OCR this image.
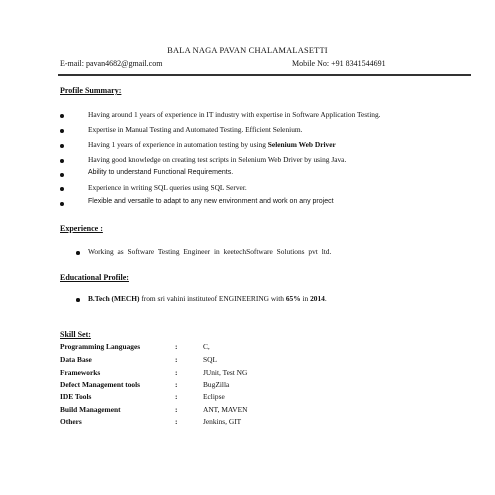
BALA NAGA PAVAN CHALAMALASETTI
E-mail: pavan4682@gmail.com	Mobile No: +91 8341544691
Profile Summary:
Having around 1 years of experience in IT industry with expertise in Software Application Testing.
Expertise in Manual Testing and Automated Testing. Efficient Selenium.
Having 1 years of experience in automation testing by using Selenium Web Driver
Having good knowledge on creating test scripts in Selenium Web Driver by using Java.
Ability to understand Functional Requirements.
Experience in writing SQL queries using SQL Server.
Flexible and versatile to adapt to any new environment and work on any project
Experience :
Working as Software Testing Engineer in keetechSoftware Solutions pvt ltd.
Educational Profile:
B.Tech (MECH) from sri vahini instituteof ENGINEERING with 65% in 2014.
Skill Set:
Programming Languages	:	C,
Data Base	:	SQL
Frameworks	:	JUnit, Test NG
Defect Management tools	:	BugZilla
IDE Tools	:	Eclipse
Build Management	:	ANT, MAVEN
Others	:	Jenkins, GIT
